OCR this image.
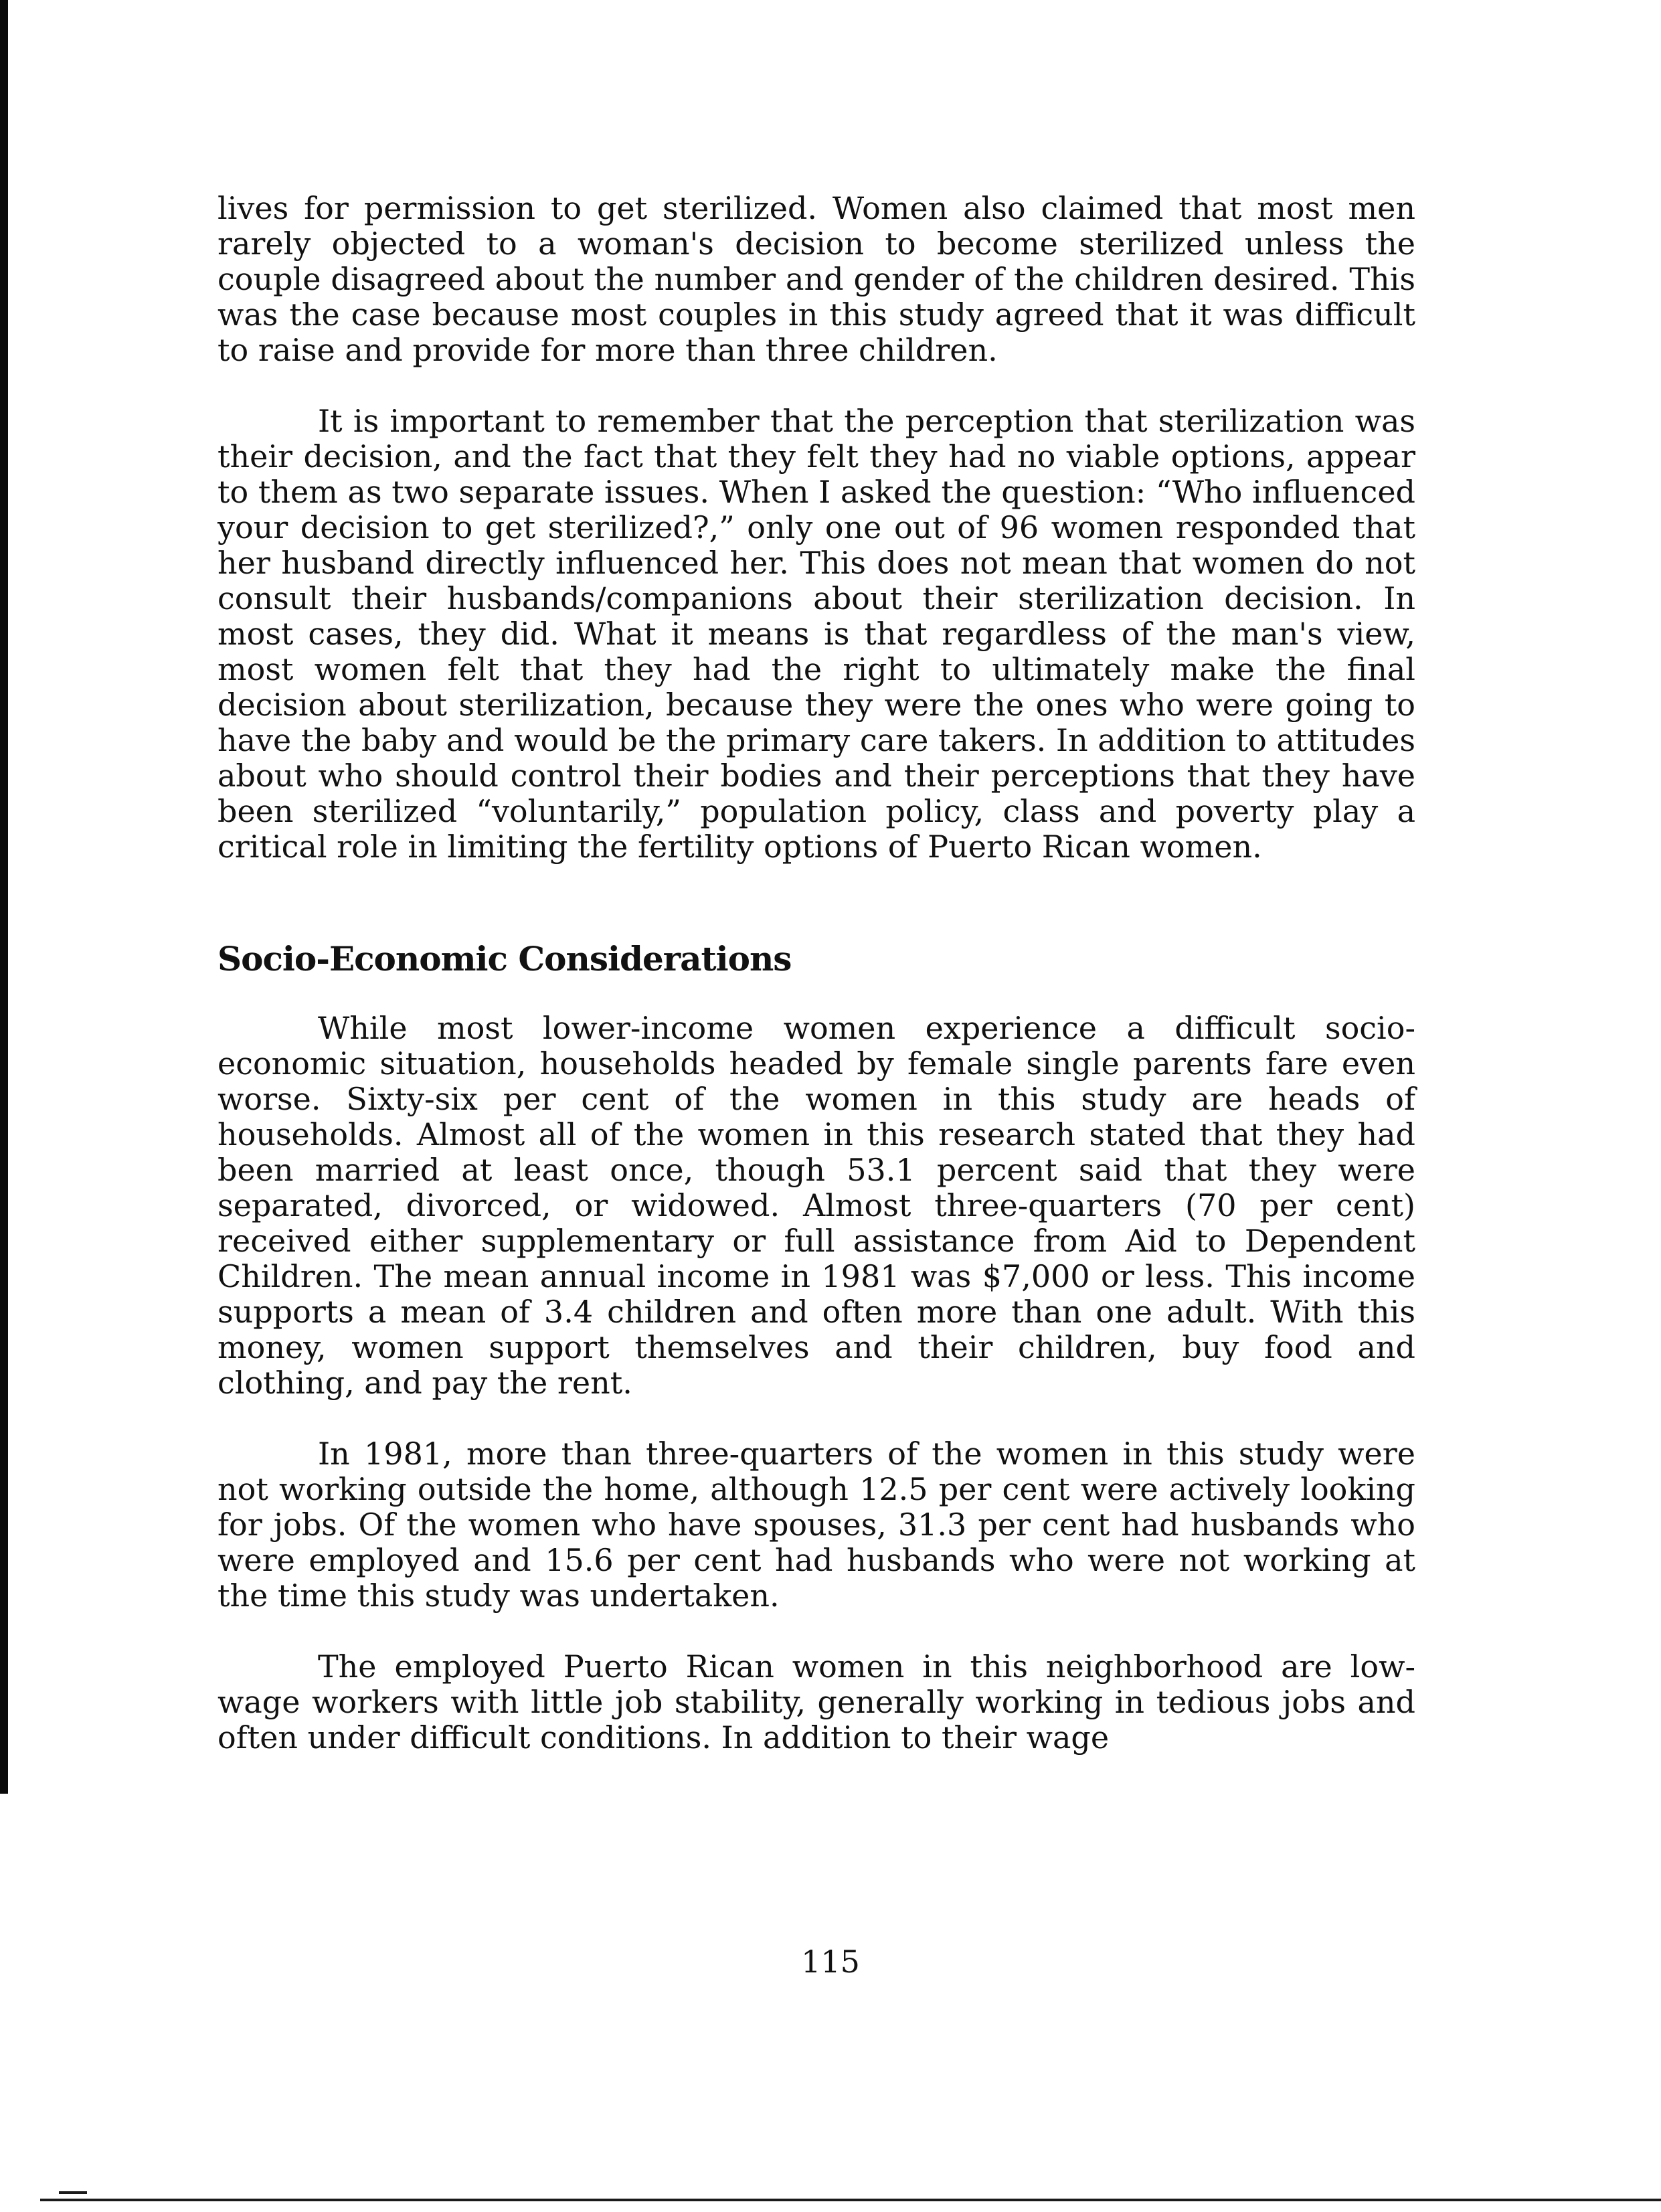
lives for permission to get sterilized. Women also claimed that most men rarely objected to a woman's decision to become sterilized unless the couple disagreed about the number and gender of the children desired. This was the case because most couples in this study agreed that it was difficult to raise and provide for more than three children.

It is important to remember that the perception that sterilization was their decision, and the fact that they felt they had no viable options, appear to them as two separate issues. When I asked the question: “Who influenced your decision to get sterilized?,” only one out of 96 women responded that her husband directly influenced her. This does not mean that women do not consult their husbands/companions about their sterilization decision. In most cases, they did. What it means is that regardless of the man's view, most women felt that they had the right to ultimately make the final decision about sterilization, because they were the ones who were going to have the baby and would be the primary care takers. In addition to attitudes about who should control their bodies and their perceptions that they have been sterilized “voluntarily,” population policy, class and poverty play a critical role in limiting the fertility options of Puerto Rican women.

Socio-Economic Considerations

While most lower-income women experience a difficult socio-economic situation, households headed by female single parents fare even worse. Sixty-six per cent of the women in this study are heads of households. Almost all of the women in this research stated that they had been married at least once, though 53.1 percent said that they were separated, divorced, or widowed. Almost three-quarters (70 per cent) received either supplementary or full assistance from Aid to Dependent Children. The mean annual income in 1981 was $7,000 or less. This income supports a mean of 3.4 children and often more than one adult. With this money, women support themselves and their children, buy food and clothing, and pay the rent.

In 1981, more than three-quarters of the women in this study were not working outside the home, although 12.5 per cent were actively looking for jobs. Of the women who have spouses, 31.3 per cent had husbands who were employed and 15.6 per cent had husbands who were not working at the time this study was undertaken.

The employed Puerto Rican women in this neighborhood are low-wage workers with little job stability, generally working in tedious jobs and often under difficult conditions. In addition to their wage

115
